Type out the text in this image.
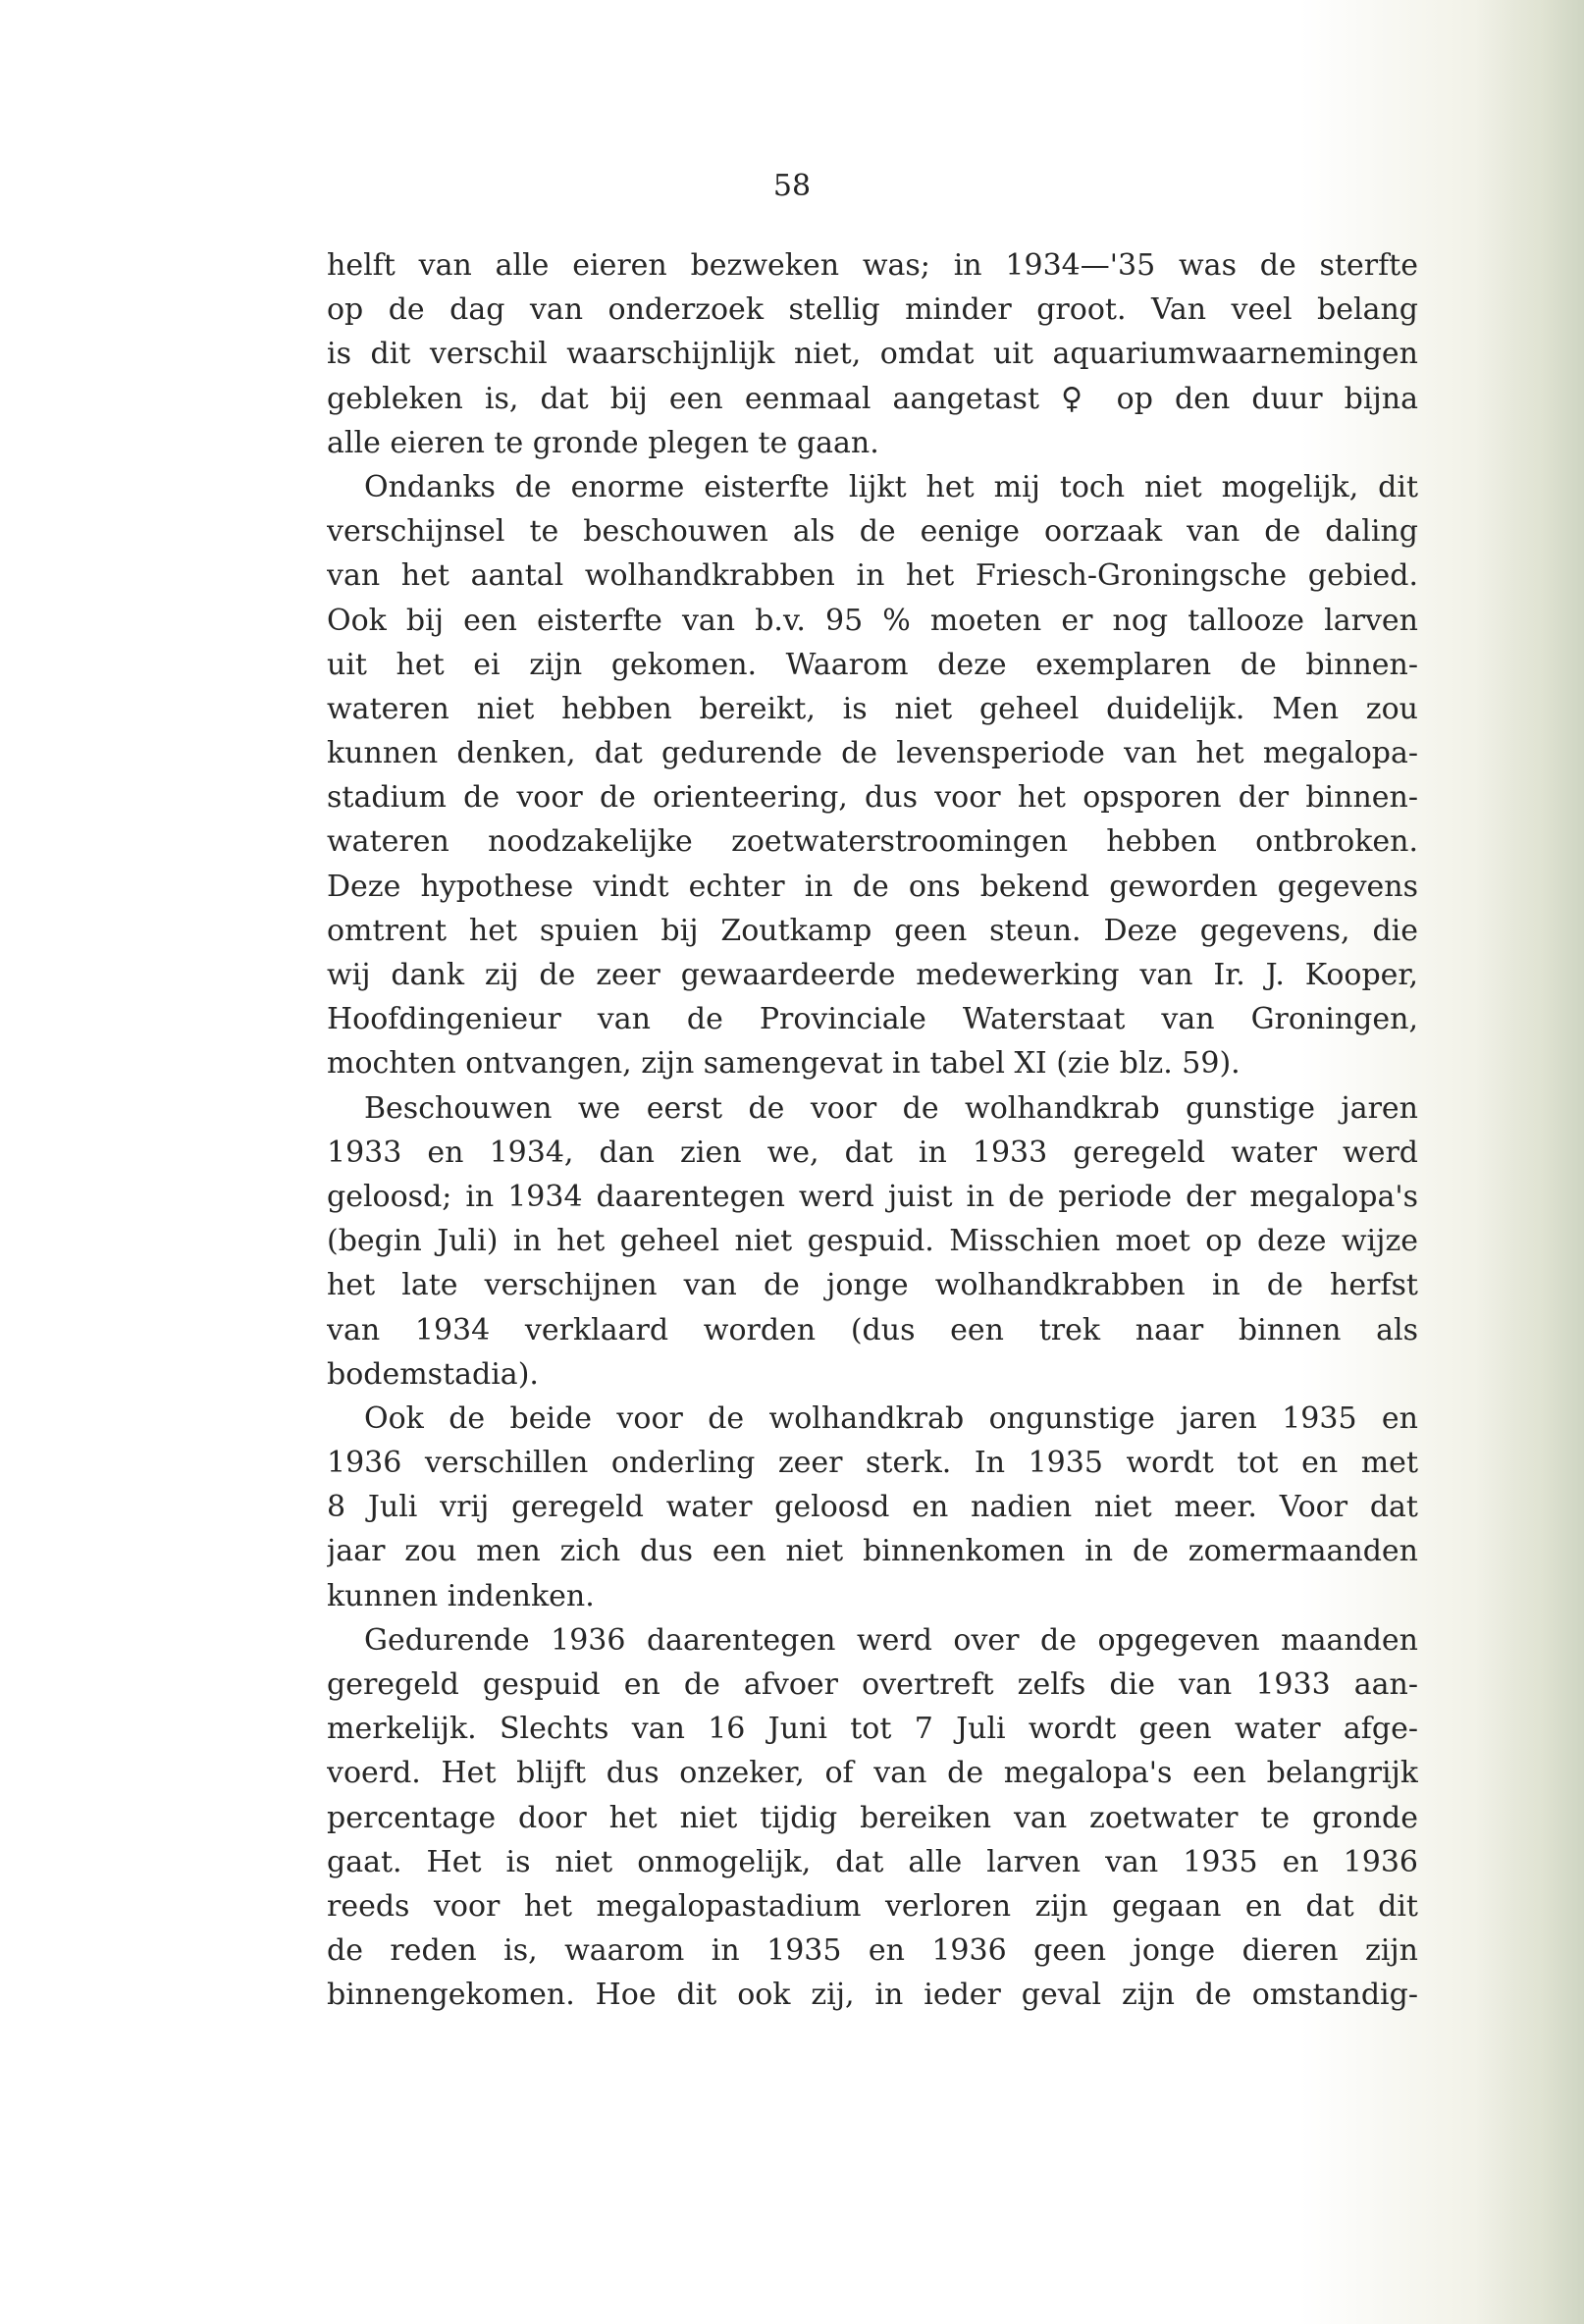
58
helft van alle eieren bezweken was; in 1934—'35 was de sterfte
op de dag van onderzoek stellig minder groot. Van veel belang
is dit verschil waarschijnlijk niet, omdat uit aquariumwaarnemingen
gebleken is, dat bij een eenmaal aangetast ♀ op den duur bijna
alle eieren te gronde plegen te gaan.
Ondanks de enorme eisterfte lijkt het mij toch niet mogelijk, dit
verschijnsel te beschouwen als de eenige oorzaak van de daling
van het aantal wolhandkrabben in het Friesch-Groningsche gebied.
Ook bij een eisterfte van b.v. 95 % moeten er nog tallooze larven
uit het ei zijn gekomen. Waarom deze exemplaren de binnen-
wateren niet hebben bereikt, is niet geheel duidelijk. Men zou
kunnen denken, dat gedurende de levensperiode van het megalopa-
stadium de voor de orienteering, dus voor het opsporen der binnen-
wateren noodzakelijke zoetwaterstroomingen hebben ontbroken.
Deze hypothese vindt echter in de ons bekend geworden gegevens
omtrent het spuien bij Zoutkamp geen steun. Deze gegevens, die
wij dank zij de zeer gewaardeerde medewerking van Ir. J. Kooper,
Hoofdingenieur van de Provinciale Waterstaat van Groningen,
mochten ontvangen, zijn samengevat in tabel XI (zie blz. 59).
Beschouwen we eerst de voor de wolhandkrab gunstige jaren
1933 en 1934, dan zien we, dat in 1933 geregeld water werd
geloosd; in 1934 daarentegen werd juist in de periode der megalopa's
(begin Juli) in het geheel niet gespuid. Misschien moet op deze wijze
het late verschijnen van de jonge wolhandkrabben in de herfst
van 1934 verklaard worden (dus een trek naar binnen als
bodemstadia).
Ook de beide voor de wolhandkrab ongunstige jaren 1935 en
1936 verschillen onderling zeer sterk. In 1935 wordt tot en met
8 Juli vrij geregeld water geloosd en nadien niet meer. Voor dat
jaar zou men zich dus een niet binnenkomen in de zomermaanden
kunnen indenken.
Gedurende 1936 daarentegen werd over de opgegeven maanden
geregeld gespuid en de afvoer overtreft zelfs die van 1933 aan-
merkelijk. Slechts van 16 Juni tot 7 Juli wordt geen water afge-
voerd. Het blijft dus onzeker, of van de megalopa's een belangrijk
percentage door het niet tijdig bereiken van zoetwater te gronde
gaat. Het is niet onmogelijk, dat alle larven van 1935 en 1936
reeds voor het megalopastadium verloren zijn gegaan en dat dit
de reden is, waarom in 1935 en 1936 geen jonge dieren zijn
binnengekomen. Hoe dit ook zij, in ieder geval zijn de omstandig-
